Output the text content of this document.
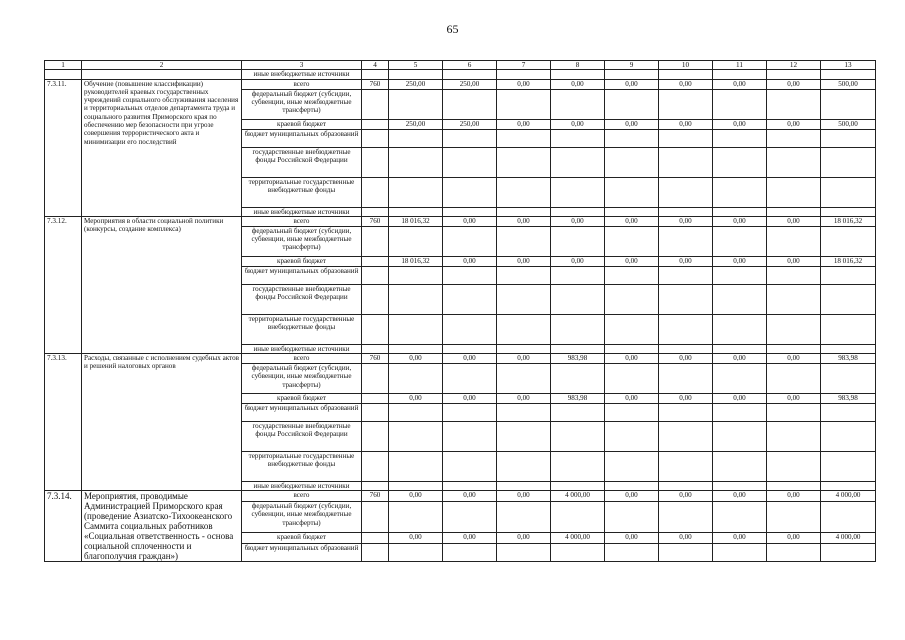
65
1	2	3	4	5	6	7	8	9	10	11	12	13
		иные внебюджетные источники										
7.3.11.	Обучение (повышение классификации) руководителей краевых государственных учреждений социального обслуживания населения и территориальных отделов департамента труда и социального развития Приморского края по обеспечению мер безопасности при угрозе совершения террористического акта и минимизации его последствий	всего	760	250,00	250,00	0,00	0,00	0,00	0,00	0,00	0,00	500,00
		федеральный бюджет (субсидии, субвенции, иные межбюджетные трансферты)										
		краевой бюджет		250,00	250,00	0,00	0,00	0,00	0,00	0,00	0,00	500,00
		бюджет муниципальных образований										
		государственные внебюджетные фонды Российской Федерации										
		территориальные государственные внебюджетные фонды										
		иные внебюджетные источники										
7.3.12.	Мероприятия в области социальной политики (конкурсы, создание комплекса)	всего	760	18 016,32	0,00	0,00	0,00	0,00	0,00	0,00	0,00	18 016,32
		федеральный бюджет (субсидии, субвенции, иные межбюджетные трансферты)										
		краевой бюджет		18 016,32	0,00	0,00	0,00	0,00	0,00	0,00	0,00	18 016,32
		бюджет муниципальных образований										
		государственные внебюджетные фонды Российской Федерации										
		территориальные государственные внебюджетные фонды										
		иные внебюджетные источники										
7.3.13.	Расходы, связанные с исполнением судебных актов и решений налоговых органов	всего	760	0,00	0,00	0,00	983,98	0,00	0,00	0,00	0,00	983,98
		федеральный бюджет (субсидии, субвенции, иные межбюджетные трансферты)										
		краевой бюджет		0,00	0,00	0,00	983,98	0,00	0,00	0,00	0,00	983,98
		бюджет муниципальных образований										
		государственные внебюджетные фонды Российской Федерации										
		территориальные государственные внебюджетные фонды										
		иные внебюджетные источники										
7.3.14.	Мероприятия, проводимые Администрацией Приморского края (проведение Азиатско-Тихоокеанского Саммита социальных работников «Социальная ответственность - основа социальной сплоченности и благополучия граждан»)	всего	760	0,00	0,00	0,00	4 000,00	0,00	0,00	0,00	0,00	4 000,00
		федеральный бюджет (субсидии, субвенции, иные межбюджетные трансферты)										
		краевой бюджет		0,00	0,00	0,00	4 000,00	0,00	0,00	0,00	0,00	4 000,00
		бюджет муниципальных образований										
